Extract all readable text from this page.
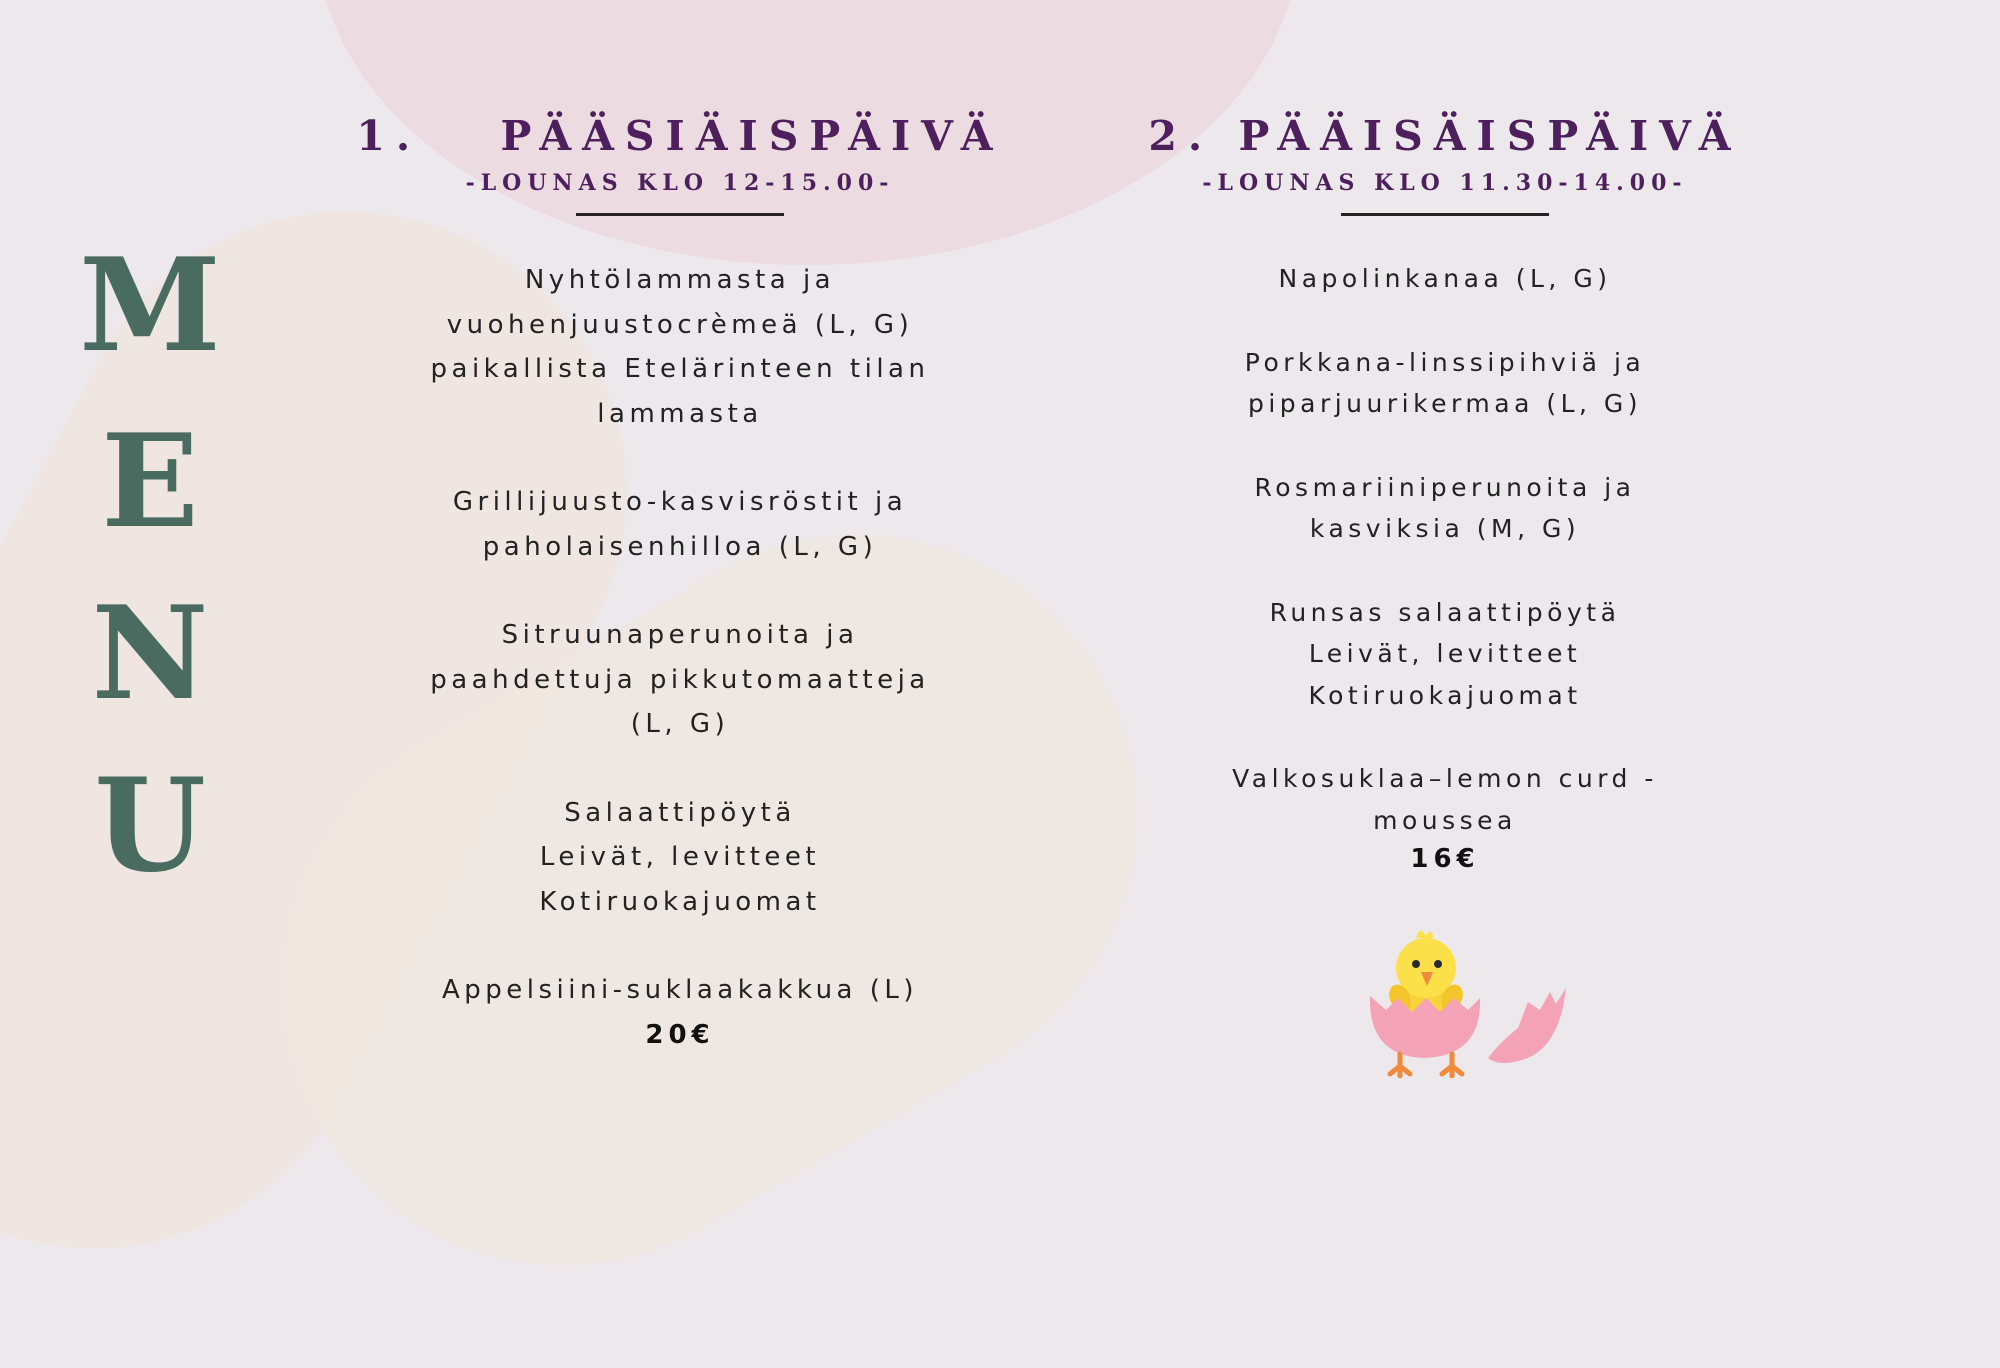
M
E
N
U
1. PÄÄSIÄISPÄIVÄ
-LOUNAS KLO 12-15.00-
Nyhtölammasta ja
vuohenjuustocrèmeä (L, G)
paikallista Etelärinteen tilan
lammasta
Grillijuusto-kasvisröstit ja
paholaisenhilloa (L, G)
Sitruunaperunoita ja
paahdettuja pikkutomaatteja
(L, G)
Salaattipöytä
Leivät, levitteet
Kotiruokajuomat
Appelsiini-suklaakakkua (L)
20€
2. PÄÄISÄISPÄIVÄ
-LOUNAS KLO 11.30-14.00-
Napolinkanaa (L, G)
Porkkana-linssipihviä ja
piparjuurikermaa (L, G)
Rosmariiniperunoita ja
kasviksia (M, G)
Runsas salaattipöytä
Leivät, levitteet
Kotiruokajuomat
Valkosuklaa–lemon curd -
moussea
16€
